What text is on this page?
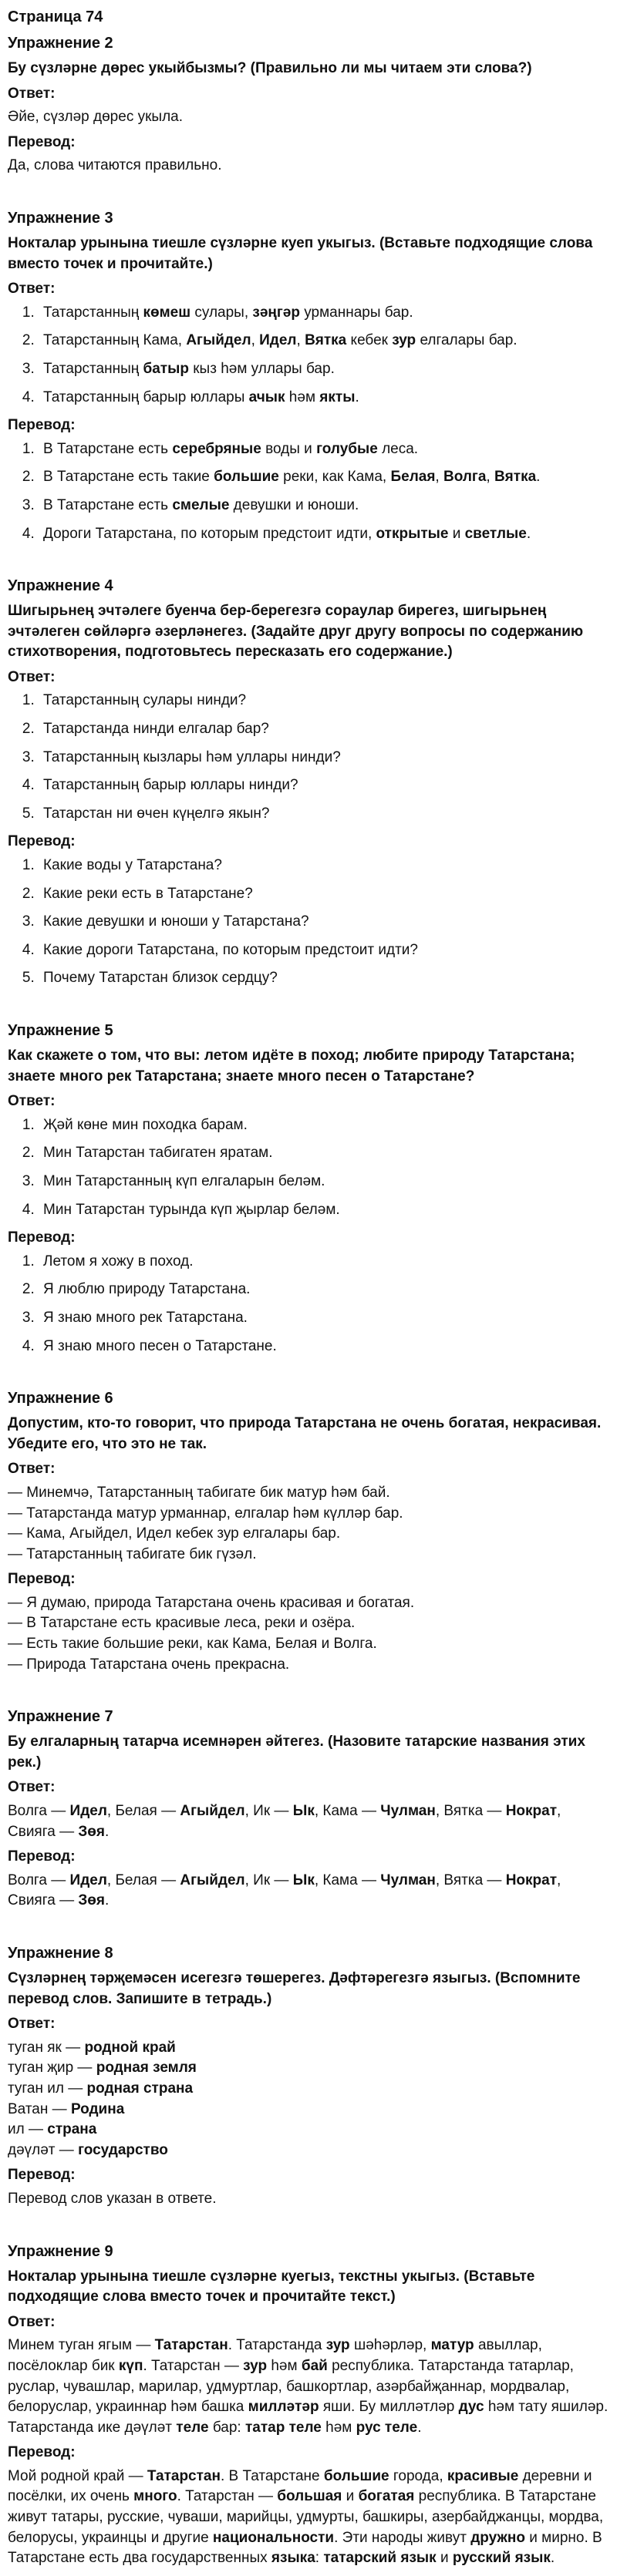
Страница 74
Упражнение 2
Бу сүзләрне дөрес укыйбызмы? (Правильно ли мы читаем эти слова?)
Ответ:

Әйе, сүзләр дөрес укыла.

Перевод:

Да, слова читаются правильно.

Упражнение 3
Нокталар урынына тиешле сүзләрне куеп укыгыз. (Вставьте подходящие слова вместо точек и прочитайте.)
Ответ:
1. Татарстанның көмеш сулары, зәңгәр урманнары бар.
2. Татарстанның Кама, Агыйдел, Идел, Вятка кебек зур елгалары бар.
3. Татарстанның батыр кыз һәм уллары бар.
4. Татарстанның барыр юллары ачык һәм якты.
Перевод:
1. В Татарстане есть серебряные воды и голубые леса.
2. В Татарстане есть такие большие реки, как Кама, Белая, Волга, Вятка.
3. В Татарстане есть смелые девушки и юноши.
4. Дороги Татарстана, по которым предстоит идти, открытые и светлые.
Упражнение 4
Шигырьнең эчтәлеге буенча бер-берегезгә сораулар бирегез, шигырьнең эчтәлеген сөйләргә әзерләнегез. (Задайте друг другу вопросы по содержанию стихотворения, подготовьтесь пересказать его содержание.)
Ответ:
1. Татарстанның сулары нинди?
2. Татарстанда нинди елгалар бар?
3. Татарстанның кызлары һәм уллары нинди?
4. Татарстанның барыр юллары нинди?
5. Татарстан ни өчен күңелгә якын?
Перевод:
1. Какие воды у Татарстана?
2. Какие реки есть в Татарстане?
3. Какие девушки и юноши у Татарстана?
4. Какие дороги Татарстана, по которым предстоит идти?
5. Почему Татарстан близок сердцу?
Упражнение 5
Как скажете о том, что вы: летом идёте в поход; любите природу Татарстана; знаете много рек Татарстана; знаете много песен о Татарстане?
Ответ:
1. Җәй көне мин походка барам.
2. Мин Татарстан табигатен яратам.
3. Мин Татарстанның күп елгаларын беләм.
4. Мин Татарстан турында күп җырлар беләм.
Перевод:
1. Летом я хожу в поход.
2. Я люблю природу Татарстана.
3. Я знаю много рек Татарстана.
4. Я знаю много песен о Татарстане.
Упражнение 6
Допустим, кто-то говорит, что природа Татарстана не очень богатая, некрасивая. Убедите его, что это не так.
Ответ:
— Минемчә, Татарстанның табигате бик матур һәм бай.
— Татарстанда матур урманнар, елгалар һәм күлләр бар.
— Кама, Агыйдел, Идел кебек зур елгалары бар.
— Татарстанның табигате бик гүзәл.
Перевод:
— Я думаю, природа Татарстана очень красивая и богатая.
— В Татарстане есть красивые леса, реки и озёра.
— Есть такие большие реки, как Кама, Белая и Волга.
— Природа Татарстана очень прекрасна.
Упражнение 7
Бу елгаларның татарча исемнәрен әйтегез. (Назовите татарские названия этих рек.)
Ответ:

Волга — Идел, Белая — Агыйдел, Ик — Ык, Кама — Чулман, Вятка — Нократ, Свияга — Зөя.

Перевод:

Волга — Идел, Белая — Агыйдел, Ик — Ык, Кама — Чулман, Вятка — Нократ, Свияга — Зөя.

Упражнение 8
Сүзләрнең тәрҗемәсен исегезгә төшерегез. Дәфтәрегезгә языгыз. (Вспомните перевод слов. Запишите в тетрадь.)
Ответ:
туган як — родной край
туган җир — родная земля
туган ил — родная страна
Ватан — Родина
ил — страна
дәүләт — государство
Перевод:

Перевод слов указан в ответе.

Упражнение 9
Нокталар урынына тиешле сүзләрне куегыз, текстны укыгыз. (Вставьте подходящие слова вместо точек и прочитайте текст.)
Ответ:

Минем туган ягым — Татарстан. Татарстанда зур шәһәрләр, матур авыллар, посёлоклар бик күп. Татарстан — зур һәм бай республика. Татарстанда татарлар, руслар, чувашлар, марилар, удмуртлар, башкортлар, азәрбайҗаннар, мордвалар, белоруслар, украиннар һәм башка милләтәр яши. Бу милләтләр дус һәм тату яшиләр. Татарстанда ике дәүләт теле бар: татар теле һәм рус теле.

Перевод:

Мой родной край — Татарстан. В Татарстане большие города, красивые деревни и посёлки, их очень много. Татарстан — большая и богатая республика. В Татарстане живут татары, русские, чуваши, марийцы, удмурты, башкиры, азербайджанцы, мордва, белорусы, украинцы и другие национальности. Эти народы живут дружно и мирно. В Татарстане есть два государственных языка: татарский язык и русский язык.
